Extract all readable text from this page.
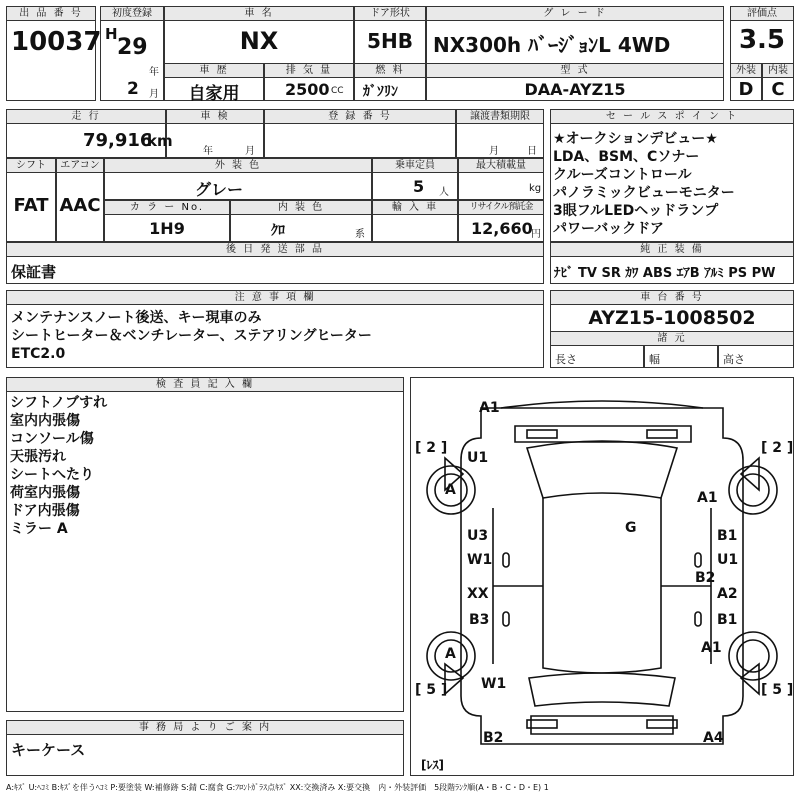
出 品 番 号
10037
初度登録
H
29
年
2 月
車 名
NX
ドア形状
5HB
グ レ ー ド
NX300h ﾊﾞｰｼﾞｮﾝL 4WD
評価点
3.5
外装	内装
D C
車 歴
自家用
排 気 量
2500 CC
燃 料
ｶﾞｿﾘﾝ
型 式
DAA-AYZ15
走 行
79,916
km
車 検
年	月
登 録 番 号	譲渡書類期限
月	日
シフト	エアコン
FAT AAC
外 装 色
グレー
乗車定員
5 人
最大積載量
kg
カ ラ ー No.
1H9
内 装 色
ｸﾛ	系
輸 入 車	リサイクル預託金
12,660
円
後 日 発 送 部 品
保証書
セ ー ル ス ポ イ ン ト
★オークションデビュー★
LDA、BSM、Cソナー
クルーズコントロール
パノラミックビューモニター
3眼フルLEDヘッドランプ
パワーバックドア
純 正 装 備
ﾅﾋﾞ TV SR ｶﾜ ABS ｴｱB ｱﾙﾐ PS PW
注 意 事 項 欄
メンテナンスノート後送、キー現車のみ
シートヒーター＆ベンチレーター、ステアリングヒーター
ETC2.0
車 台 番 号
AYZ15-1008502
諸 元
長さ	幅	高さ
検 査 員 記 入 欄
シフトノブすれ
室内内張傷
コンソール傷
天張汚れ
シートへたり
荷室内張傷
ドア内張傷
ミラー A
事 務 局 よ り ご 案 内
キーケース
[ 2 ]	[ 2 ]
[ 5 ]	[ 5 ]
[ﾚｽ]
A1
U1
A	A1
G
U3	B1
W1	U1
B2
XX	A2
B3	B1
A	A1
W1
B2	A4
A:ｷｽﾞ U:ﾍｺﾐ B:ｷｽﾞを伴うﾍｺﾐ P:要塗装 W:補修跡 S:錆 C:腐食 G:ﾌﾛﾝﾄｶﾞﾗｽ点ｷｽﾞ XX:交換済み X:要交換　内・外装評価　5段階ﾗﾝｸ順(A・B・C・D・E) 1
